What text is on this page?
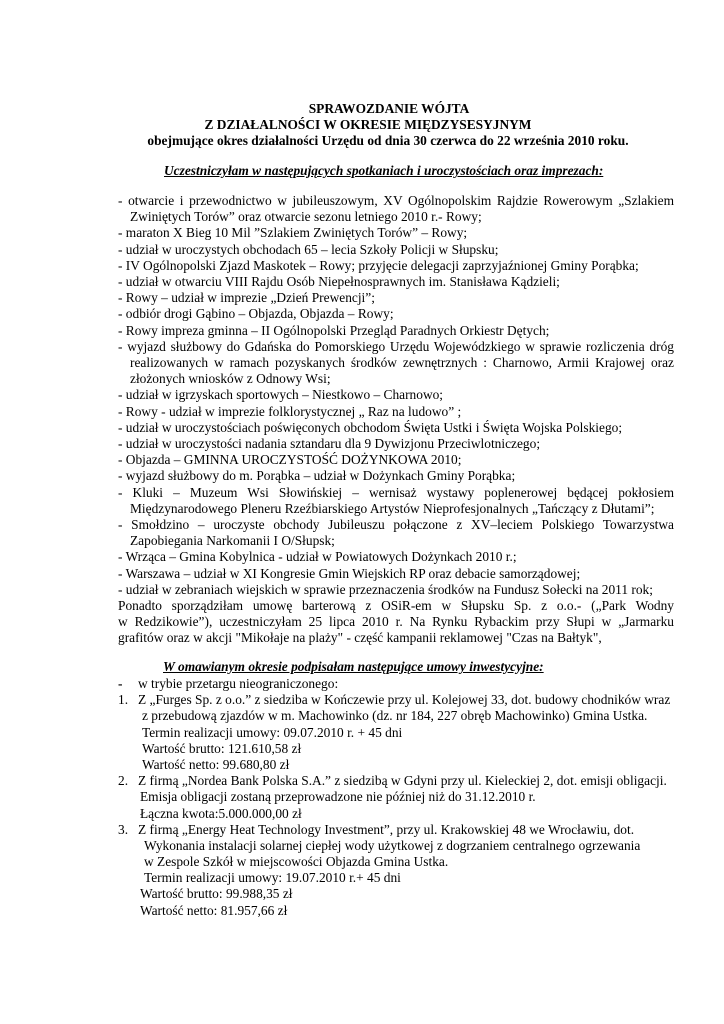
SPRAWOZDANIE WÓJTA
Z DZIAŁALNOŚCI W OKRESIE MIĘDZYSESYJNYM
obejmujące okres działalności Urzędu od dnia 30 czerwca do 22 września 2010 roku.
Uczestniczyłam w następujących spotkaniach i uroczystościach oraz imprezach:
- otwarcie i przewodnictwo w jubileuszowym, XV Ogólnopolskim Rajdzie Rowerowym „Szlakiem
Zwiniętych Torów” oraz otwarcie sezonu letniego 2010 r.- Rowy;
- maraton X Bieg 10 Mil ”Szlakiem Zwiniętych Torów” – Rowy;
- udział w uroczystych obchodach 65 – lecia Szkoły Policji w Słupsku;
- IV Ogólnopolski Zjazd Maskotek – Rowy; przyjęcie delegacji zaprzyjaźnionej Gminy Porąbka;
- udział w otwarciu VIII Rajdu Osób Niepełnosprawnych im. Stanisława Kądzieli;
- Rowy – udział w imprezie „Dzień Prewencji”;
- odbiór drogi Gąbino – Objazda, Objazda – Rowy;
- Rowy impreza gminna – II Ogólnopolski Przegląd Paradnych Orkiestr Dętych;
- wyjazd służbowy do Gdańska do Pomorskiego Urzędu Wojewódzkiego w sprawie rozliczenia dróg
realizowanych w ramach pozyskanych środków zewnętrznych : Charnowo, Armii Krajowej oraz
złożonych wniosków z Odnowy Wsi;
- udział w igrzyskach sportowych – Niestkowo – Charnowo;
- Rowy - udział w imprezie folklorystycznej „ Raz na ludowo” ;
- udział w uroczystościach poświęconych obchodom Święta Ustki i Święta Wojska Polskiego;
- udział w uroczystości nadania sztandaru dla 9 Dywizjonu Przeciwlotniczego;
- Objazda – GMINNA UROCZYSTOŚĆ DOŻYNKOWA 2010;
- wyjazd służbowy do m. Porąbka – udział w Dożynkach Gminy Porąbka;
- Kluki – Muzeum Wsi Słowińskiej – wernisaż wystawy poplenerowej będącej pokłosiem
Międzynarodowego Pleneru Rzeźbiarskiego Artystów Nieprofesjonalnych „Tańczący z Dłutami”;
- Smołdzino – uroczyste obchody Jubileuszu połączone z XV–leciem Polskiego Towarzystwa
Zapobiegania Narkomanii I O/Słupsk;
- Wrząca – Gmina Kobylnica - udział w Powiatowych Dożynkach 2010 r.;
- Warszawa – udział w XI Kongresie Gmin Wiejskich RP oraz debacie samorządowej;
- udział w zebraniach wiejskich w sprawie przeznaczenia środków na Fundusz Sołecki na 2011 rok;
Ponadto sporządziłam umowę barterową z OSiR-em w Słupsku Sp. z o.o.- („Park Wodny
w Redzikowie”), uczestniczyłam 25 lipca 2010 r. Na Rynku Rybackim przy Słupi w „Jarmarku
grafitów oraz w akcji "Mikołaje na plaży" - część kampanii reklamowej "Czas na Bałtyk",
W omawianym okresie podpisałam następujące umowy inwestycyjne:
- w trybie przetargu nieograniczonego:
1. Z „Furges Sp. z o.o.” z siedziba w Kończewie przy ul. Kolejowej 33, dot. budowy chodników wraz
z przebudową zjazdów w m. Machowinko (dz. nr 184, 227 obręb Machowinko) Gmina Ustka.
Termin realizacji umowy: 09.07.2010 r. + 45 dni
Wartość brutto: 121.610,58 zł
Wartość netto: 99.680,80 zł
2. Z firmą „Nordea Bank Polska S.A.” z siedzibą w Gdyni przy ul. Kieleckiej 2, dot. emisji obligacji.
Emisja obligacji zostaną przeprowadzone nie później niż do 31.12.2010 r.
Łączna kwota:5.000.000,00 zł
3. Z firmą „Energy Heat Technology Investment”, przy ul. Krakowskiej 48 we Wrocławiu, dot.
Wykonania instalacji solarnej ciepłej wody użytkowej z dogrzaniem centralnego ogrzewania
w Zespole Szkół w miejscowości Objazda Gmina Ustka.
Termin realizacji umowy: 19.07.2010 r.+ 45 dni
Wartość brutto: 99.988,35 zł
Wartość netto: 81.957,66 zł
